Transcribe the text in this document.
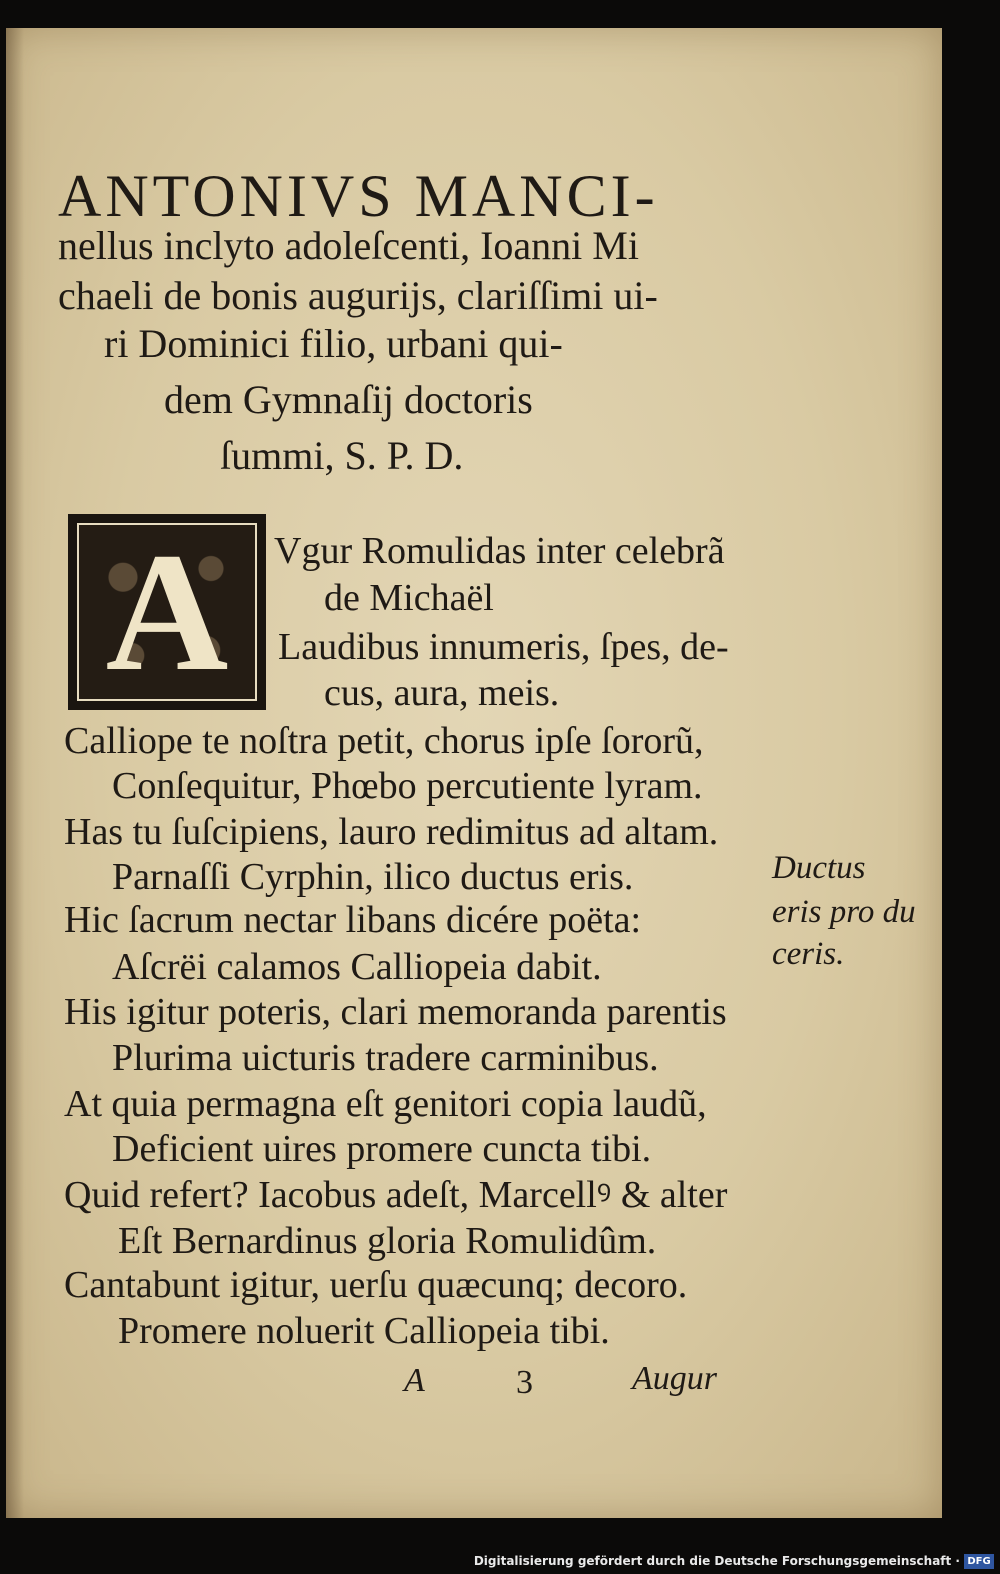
ANTONIVS MANCI-
nellus inclyto adoleſcenti, Ioanni Mi
chaeli de bonis augurijs, clariſſimi ui-
ri Dominici filio, urbani qui-
dem Gymnaſij doctoris
ſummi, S. P. D.
A	Vgur Romulidas inter celebrã
de Michaël
Laudibus innumeris, ſpes, de-
cus, aura, meis.
Calliope te noſtra petit, chorus ipſe ſororũ,
Conſequitur, Phœbo percutiente lyram.
Has tu ſuſcipiens, lauro redimitus ad altam.
Parnaſſi Cyrphin, ilico ductus eris.
Hic ſacrum nectar libans dicére poëta:
Aſcrëi calamos Calliopeia dabit.
His igitur poteris, clari memoranda parentis
Plurima uicturis tradere carminibus.
At quia permagna eſt genitori copia laudũ,
Deficient uires promere cuncta tibi.
Quid refert? Iacobus adeſt, Marcellꝰ & alter
Eſt Bernardinus gloria Romulidûm.
Cantabunt igitur, uerſu quæcunq; decoro.
Promere noluerit Calliopeia tibi.
Ductus
eris pro du
ceris.
A	3	Augur
Digitalisierung gefördert durch die Deutsche Forschungsgemeinschaft · DFG
